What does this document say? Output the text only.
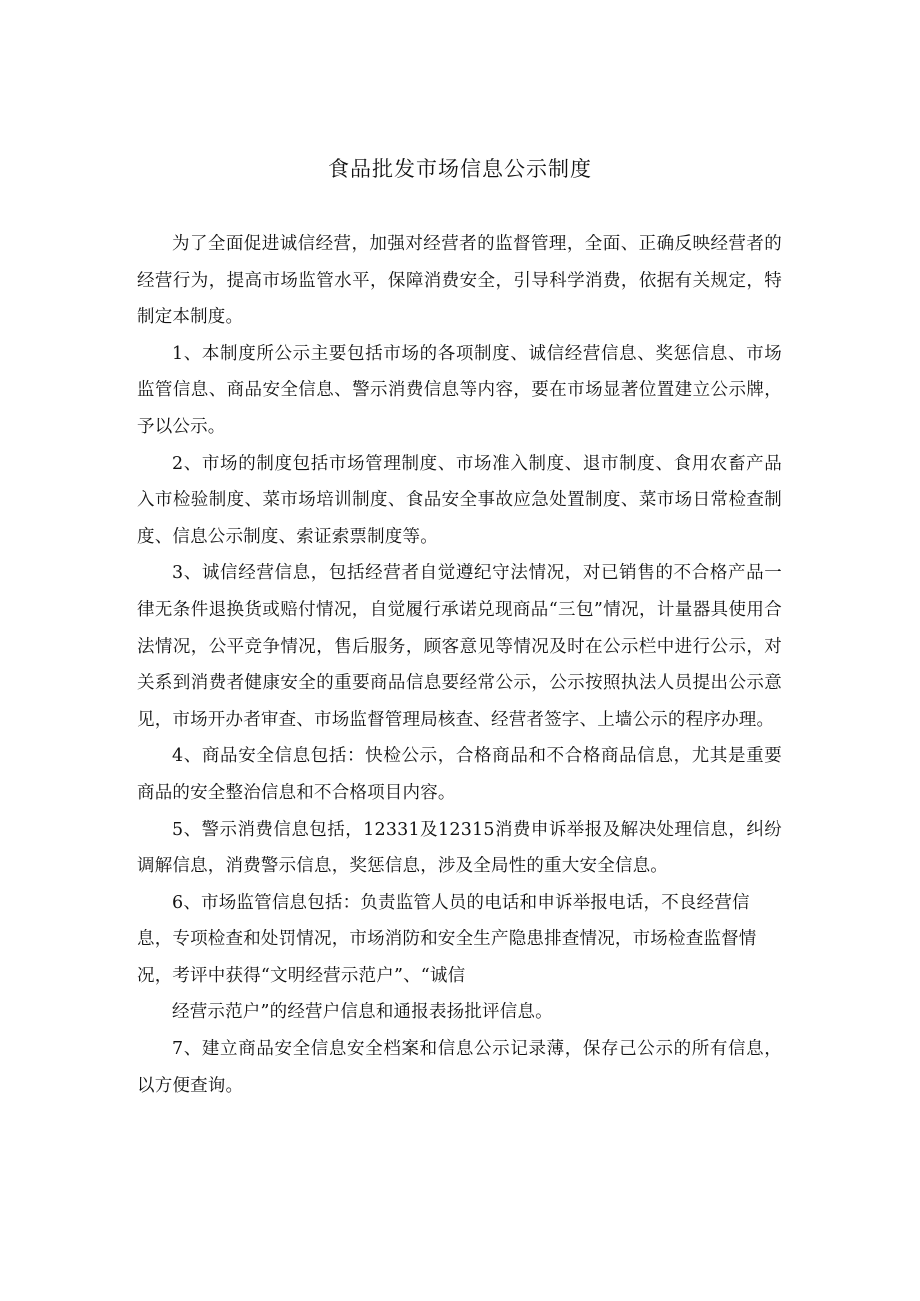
食品批发市场信息公示制度

为了全面促进诚信经营，加强对经营者的监督管理，全面、正确反映经营者的经营行为，提高市场监管水平，保障消费安全，引导科学消费，依据有关规定，特制定本制度。

1、本制度所公示主要包括市场的各项制度、诚信经营信息、奖惩信息、市场监管信息、商品安全信息、警示消费信息等内容，要在市场显著位置建立公示牌，予以公示。

2、市场的制度包括市场管理制度、市场准入制度、退市制度、食用农畜产品入市检验制度、菜市场培训制度、食品安全事故应急处置制度、菜市场日常检查制度、信息公示制度、索证索票制度等。

3、诚信经营信息，包括经营者自觉遵纪守法情况，对已销售的不合格产品一律无条件退换货或赔付情况，自觉履行承诺兑现商品“三包”情况，计量器具使用合法情况，公平竞争情况，售后服务，顾客意见等情况及时在公示栏中进行公示，对关系到消费者健康安全的重要商品信息要经常公示，公示按照执法人员提出公示意见，市场开办者审查、市场监督管理局核查、经营者签字、上墙公示的程序办理。

4、商品安全信息包括：快检公示，合格商品和不合格商品信息，尤其是重要商品的安全整治信息和不合格项目内容。

5、警示消费信息包括，12331及12315消费申诉举报及解决处理信息，纠纷调解信息，消费警示信息，奖惩信息，涉及全局性的重大安全信息。

6、市场监管信息包括：负责监管人员的电话和申诉举报电话，不良经营信息，专项检查和处罚情况，市场消防和安全生产隐患排查情况，市场检查监督情况，考评中获得“文明经营示范户”、“诚信

经营示范户”的经营户信息和通报表扬批评信息。

7、建立商品安全信息安全档案和信息公示记录薄，保存己公示的所有信息，以方便查询。
